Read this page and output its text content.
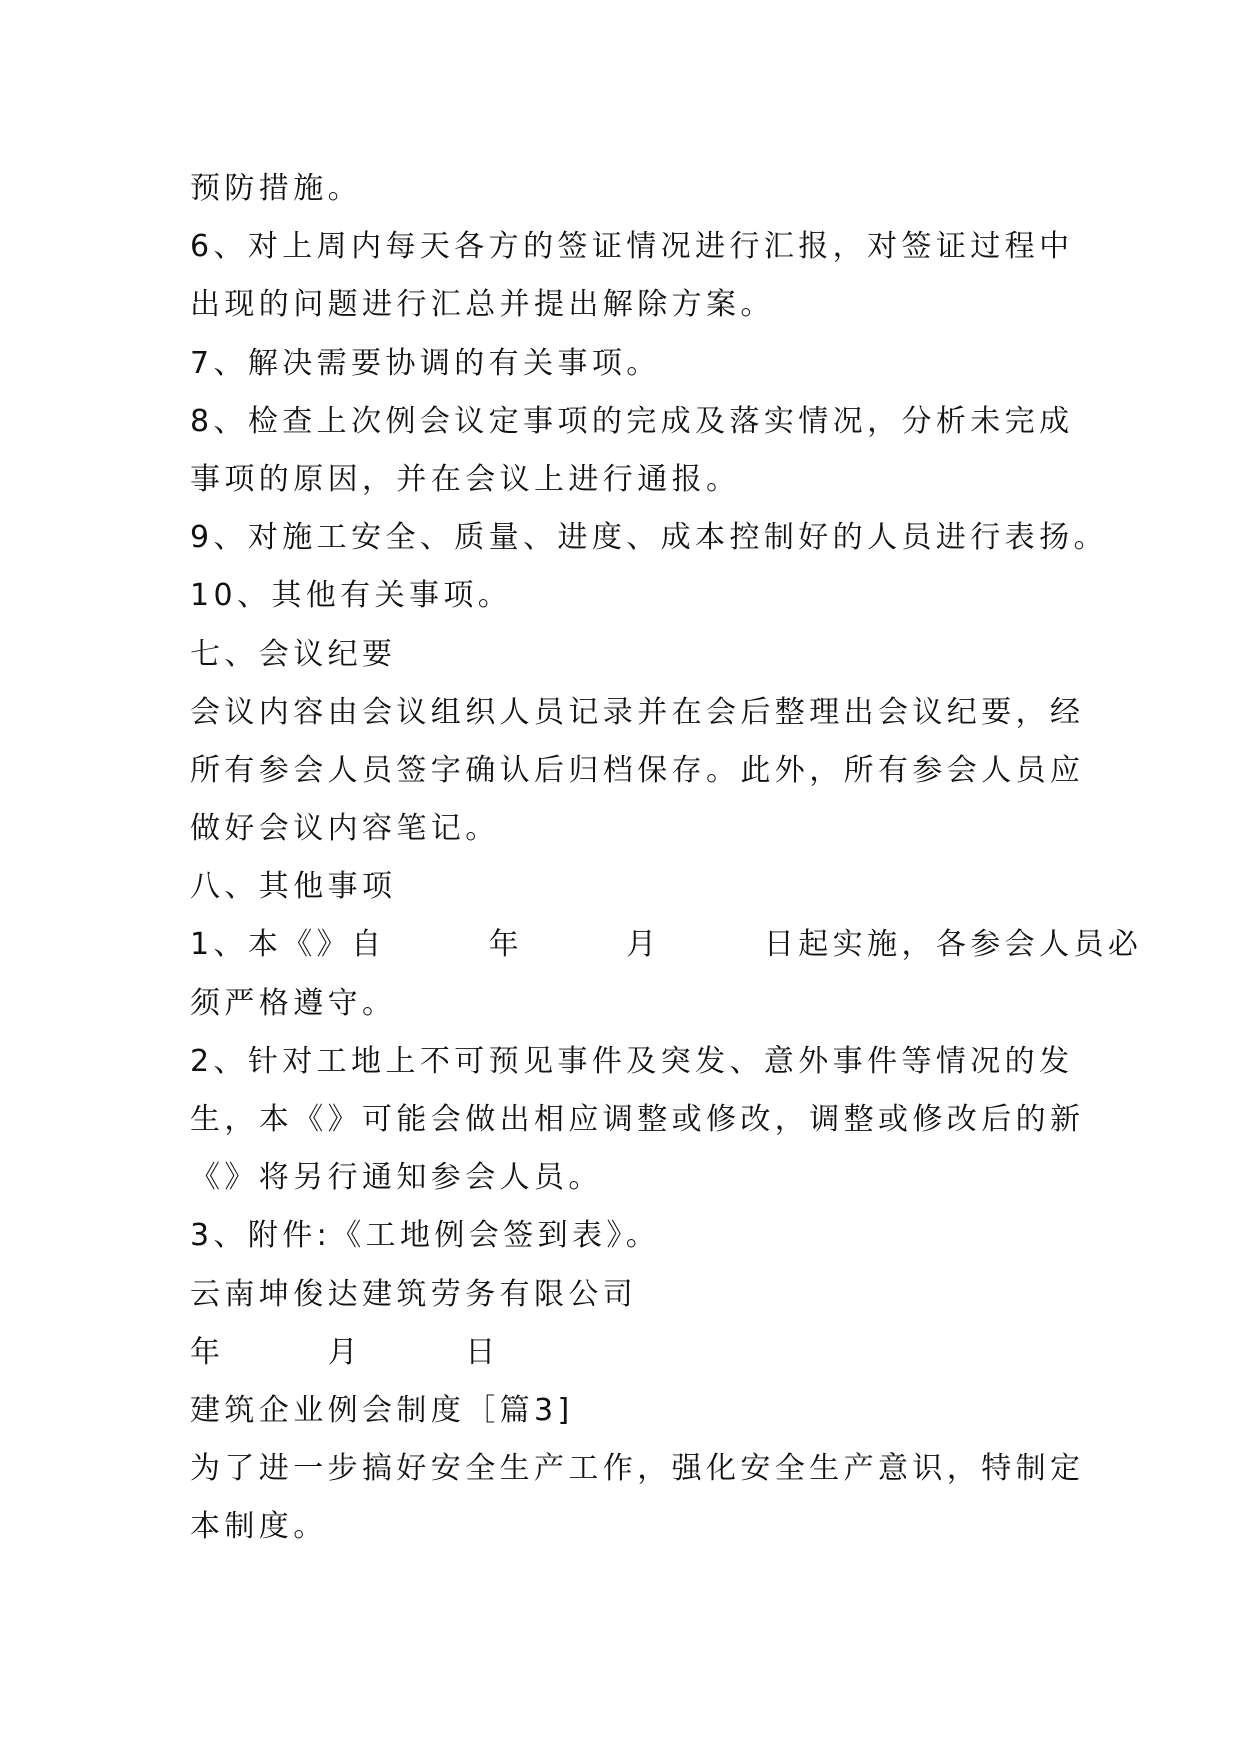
预防措施。

6、对上周内每天各方的签证情况进行汇报，对签证过程中

出现的问题进行汇总并提出解除方案。

7、解决需要协调的有关事项。

8、检查上次例会议定事项的完成及落实情况，分析未完成

事项的原因，并在会议上进行通报。

9、对施工安全、质量、进度、成本控制好的人员进行表扬。

10、其他有关事项。

七、会议纪要

会议内容由会议组织人员记录并在会后整理出会议纪要，经

所有参会人员签字确认后归档保存。此外，所有参会人员应

做好会议内容笔记。

八、其他事项

1、本《》自　　　年　　　月　　　日起实施，各参会人员必

须严格遵守。

2、针对工地上不可预见事件及突发、意外事件等情况的发

生，本《》可能会做出相应调整或修改，调整或修改后的新

《》将另行通知参会人员。

3、附件:《工地例会签到表》。

云南坤俊达建筑劳务有限公司

年　　　月　　　日

建筑企业例会制度［篇3]

为了进一步搞好安全生产工作，强化安全生产意识，特制定

本制度。
